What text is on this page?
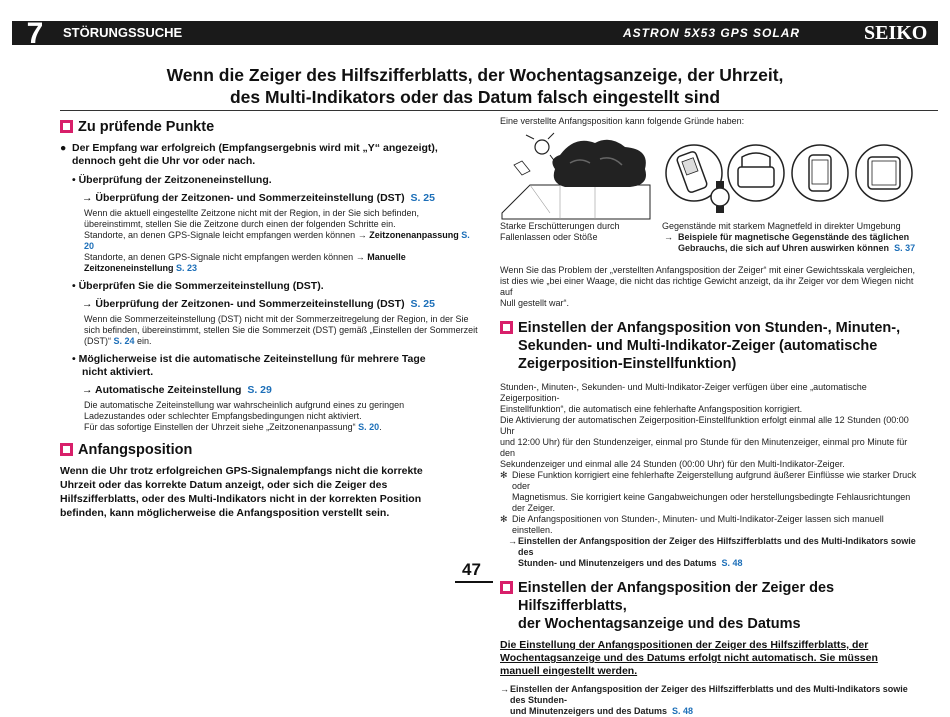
7	STÖRUNGSSUCHE	ASTRON 5X53 GPS SOLAR	SEIKO
Wenn die Zeiger des Hilfszifferblatts, der Wochentagsanzeige, der Uhrzeit,
des Multi-Indikators oder das Datum falsch eingestellt sind
Zu prüfende Punkte
● Der Empfang war erfolgreich (Empfangsergebnis wird mit „Y“ angezeigt),
dennoch geht die Uhr vor oder nach.
• Überprüfung der Zeitzoneneinstellung.
→ Überprüfung der Zeitzonen- und Sommerzeiteinstellung (DST) S. 25
Wenn die aktuell eingestellte Zeitzone nicht mit der Region, in der Sie sich befinden,
übereinstimmt, stellen Sie die Zeitzone durch einen der folgenden Schritte ein.
Standorte, an denen GPS-Signale leicht empfangen werden können → Zeitzonenanpassung S. 20
Standorte, an denen GPS-Signale nicht empfangen werden können → Manuelle Zeitzoneneinstellung S. 23
• Überprüfen Sie die Sommerzeiteinstellung (DST).
→ Überprüfung der Zeitzonen- und Sommerzeiteinstellung (DST) S. 25
Wenn die Sommerzeiteinstellung (DST) nicht mit der Sommerzeitregelung der Region, in der Sie
sich befinden, übereinstimmt, stellen Sie die Sommerzeit (DST) gemäß „Einstellen der Sommerzeit
(DST)“ S. 24 ein.
• Möglicherweise ist die automatische Zeiteinstellung für mehrere Tage
nicht aktiviert.
→ Automatische Zeiteinstellung S. 29
Die automatische Zeiteinstellung war wahrscheinlich aufgrund eines zu geringen
Ladezustandes oder schlechter Empfangsbedingungen nicht aktiviert.
Für das sofortige Einstellen der Uhrzeit siehe „Zeitzonenanpassung“ S. 20.
Anfangsposition
Wenn die Uhr trotz erfolgreichen GPS-Signalempfangs nicht die korrekte
Uhrzeit oder das korrekte Datum anzeigt, oder sich die Zeiger des
Hilfszifferblatts, oder des Multi-Indikators nicht in der korrekten Position
befinden, kann möglicherweise die Anfangsposition verstellt sein.
Eine verstellte Anfangsposition kann folgende Gründe haben:
Starke Erschütterungen durch
Fallenlassen oder Stöße
Gegenstände mit starkem Magnetfeld in direkter Umgebung
→  Beispiele für magnetische Gegenstände des täglichen
Gebrauchs, die sich auf Uhren auswirken können S. 37
Wenn Sie das Problem der „verstellten Anfangsposition der Zeiger“ mit einer Gewichtsskala vergleichen,
ist dies wie „bei einer Waage, die nicht das richtige Gewicht anzeigt, da ihr Zeiger vor dem Wiegen nicht auf
Null gestellt war“.
Einstellen der Anfangsposition von Stunden-, Minuten-,
Sekunden- und Multi-Indikator-Zeiger (automatische
Zeigerposition-Einstellfunktion)
Stunden-, Minuten-, Sekunden- und Multi-Indikator-Zeiger verfügen über eine „automatische Zeigerposition-
Einstellfunktion“, die automatisch eine fehlerhafte Anfangsposition korrigiert.
Die Aktivierung der automatischen Zeigerposition-Einstellfunktion erfolgt einmal alle 12 Stunden (00:00 Uhr
und 12:00 Uhr) für den Stundenzeiger, einmal pro Stunde für den Minutenzeiger, einmal pro Minute für den
Sekundenzeiger und einmal alle 24 Stunden (00:00 Uhr) für den Multi-Indikator-Zeiger.
✻ Diese Funktion korrigiert eine fehlerhafte Zeigerstellung aufgrund äußerer Einflüsse wie starker Druck oder
Magnetismus. Sie korrigiert keine Gangabweichungen oder herstellungsbedingte Fehlausrichtungen der Zeiger.
✻ Die Anfangspositionen von Stunden-, Minuten- und Multi-Indikator-Zeiger lassen sich manuell einstellen.
→ Einstellen der Anfangsposition der Zeiger des Hilfszifferblatts und des Multi-Indikators sowie des
Stunden- und Minutenzeigers und des Datums S. 48
Einstellen der Anfangsposition der Zeiger des Hilfszifferblatts,
der Wochentagsanzeige und des Datums
Die Einstellung der Anfangspositionen der Zeiger des Hilfszifferblatts, der
Wochentagsanzeige und des Datums erfolgt nicht automatisch. Sie müssen
manuell eingestellt werden.
→ Einstellen der Anfangsposition der Zeiger des Hilfszifferblatts und des Multi-Indikators sowie des Stunden-
und Minutenzeigers und des Datums S. 48
47
